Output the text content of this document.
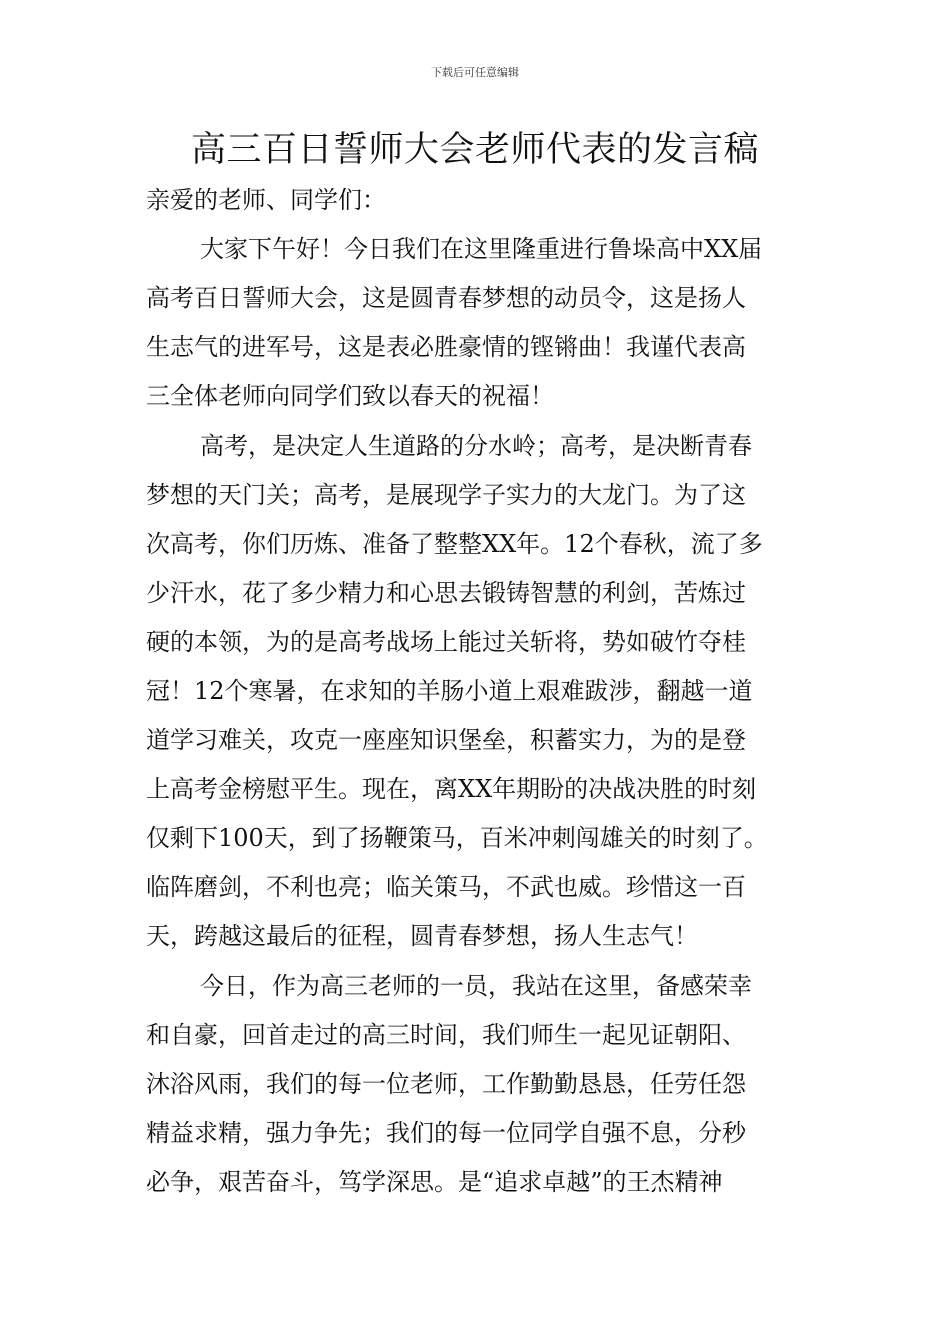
下载后可任意编辑
高三百日誓师大会老师代表的发言稿
亲爱的老师、同学们：
大家下午好！今日我们在这里隆重进行鲁垛高中XX届
高考百日誓师大会，这是圆青春梦想的动员令，这是扬人
生志气的进军号，这是表必胜豪情的铿锵曲！我谨代表高
三全体老师向同学们致以春天的祝福！
高考，是决定人生道路的分水岭；高考，是决断青春
梦想的天门关；高考，是展现学子实力的大龙门。为了这
次高考，你们历炼、准备了整整XX年。12个春秋，流了多
少汗水，花了多少精力和心思去锻铸智慧的利剑，苦炼过
硬的本领，为的是高考战场上能过关斩将，势如破竹夺桂
冠！12个寒暑，在求知的羊肠小道上艰难跋涉，翻越一道
道学习难关，攻克一座座知识堡垒，积蓄实力，为的是登
上高考金榜慰平生。现在，离XX年期盼的决战决胜的时刻
仅剩下100天，到了扬鞭策马，百米冲刺闯雄关的时刻了。
临阵磨剑，不利也亮；临关策马，不武也威。珍惜这一百
天，跨越这最后的征程，圆青春梦想，扬人生志气！
今日，作为高三老师的一员，我站在这里，备感荣幸
和自豪，回首走过的高三时间，我们师生一起见证朝阳、
沐浴风雨，我们的每一位老师，工作勤勤恳恳，任劳任怨
精益求精，强力争先；我们的每一位同学自强不息，分秒
必争，艰苦奋斗，笃学深思。是“追求卓越”的王杰精神
